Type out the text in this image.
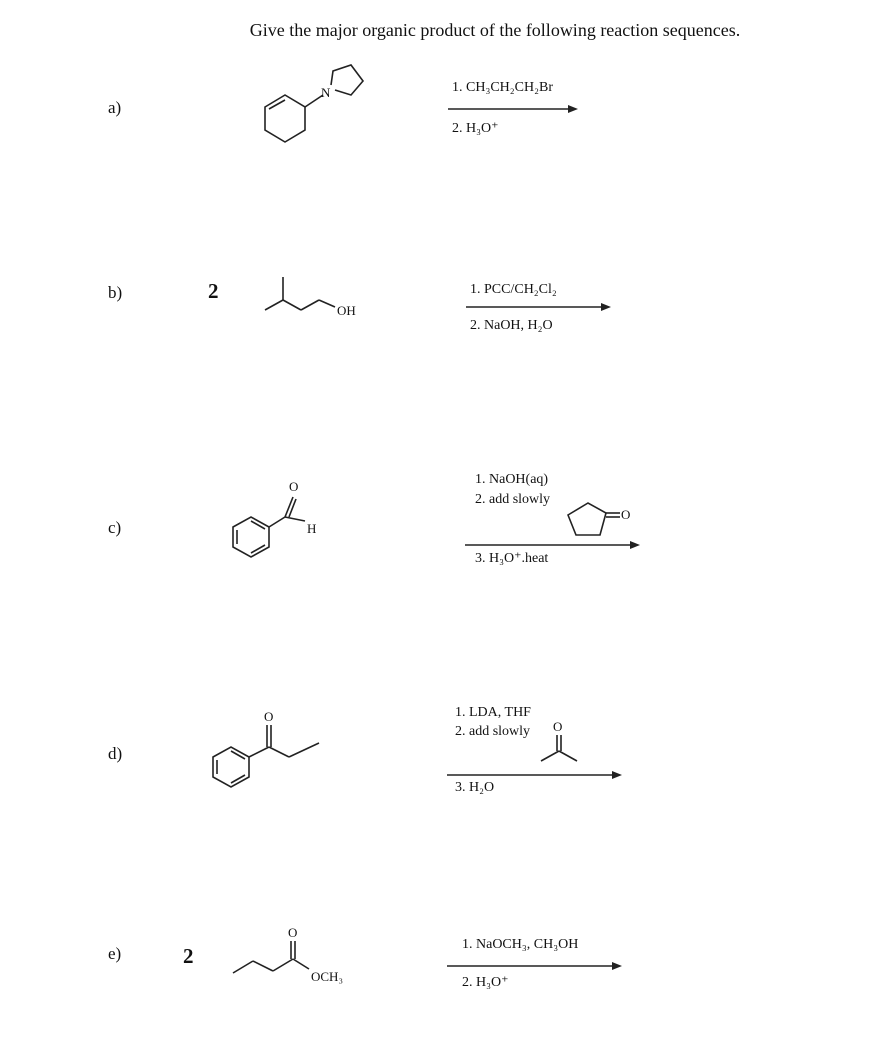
Give the major organic product of the following reaction sequences.
a)
N	1. CH₃CH₂CH₂Br
2. H₃O⁺
b)	2
OH
1. PCC/CH₂Cl₂
2. NaOH, H₂O
c)
O
H
1. NaOH(aq)
2. add slowly
O
3. H₃O⁺.heat
d)
O	1. LDA, THF
2. add slowly O
3. H₂O
e)	2
O
OCH₃
1. NaOCH₃, CH₃OH
2. H₃O⁺
